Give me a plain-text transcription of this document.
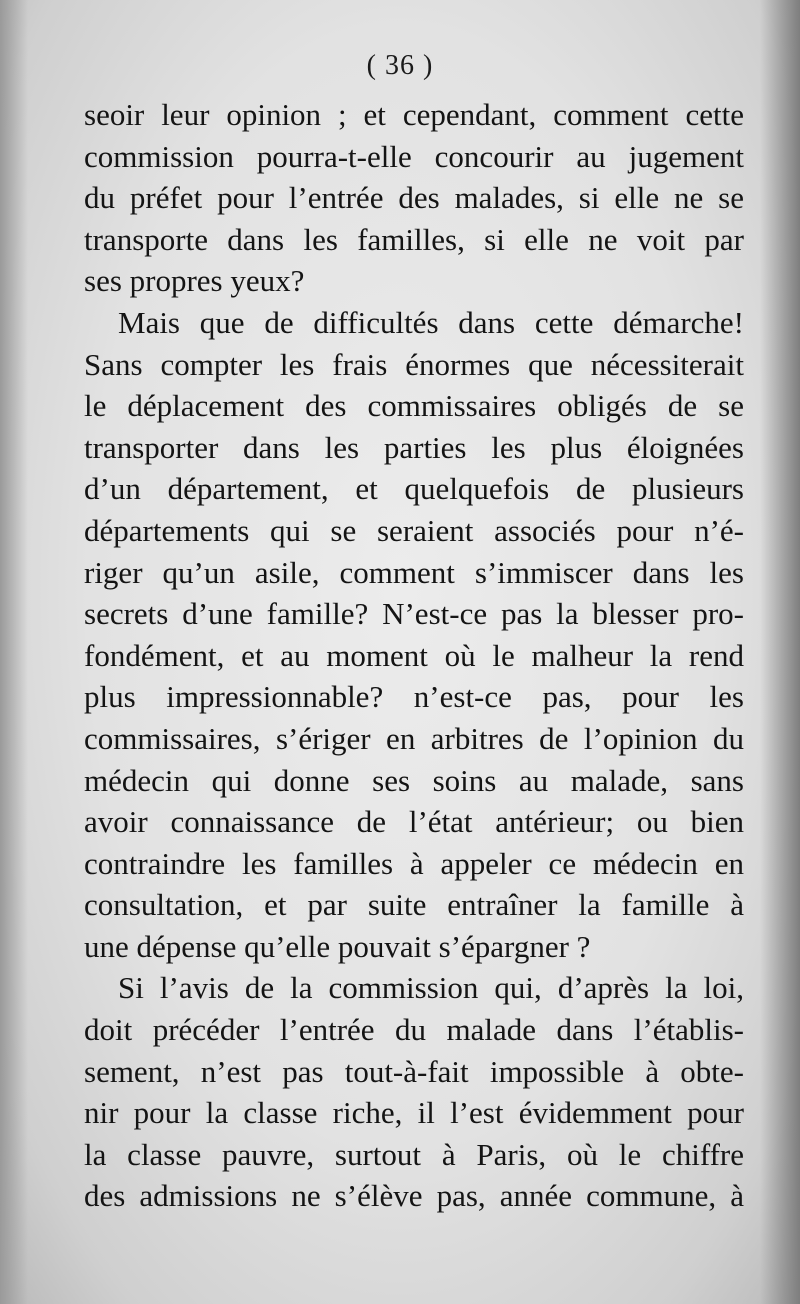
( 36 )
seoir leur opinion ; et cependant, comment cette
commission pourra-t-elle concourir au jugement
du préfet pour l’entrée des malades, si elle ne se
transporte dans les familles, si elle ne voit par
ses propres yeux?
Mais que de difficultés dans cette démarche!
Sans compter les frais énormes que nécessiterait
le déplacement des commissaires obligés de se
transporter dans les parties les plus éloignées
d’un département, et quelquefois de plusieurs
départements qui se seraient associés pour n’é-
riger qu’un asile, comment s’immiscer dans les
secrets d’une famille? N’est-ce pas la blesser pro-
fondément, et au moment où le malheur la rend
plus impressionnable? n’est-ce pas, pour les
commissaires, s’ériger en arbitres de l’opinion du
médecin qui donne ses soins au malade, sans
avoir connaissance de l’état antérieur; ou bien
contraindre les familles à appeler ce médecin en
consultation, et par suite entraîner la famille à
une dépense qu’elle pouvait s’épargner ?
Si l’avis de la commission qui, d’après la loi,
doit précéder l’entrée du malade dans l’établis-
sement, n’est pas tout-à-fait impossible à obte-
nir pour la classe riche, il l’est évidemment pour
la classe pauvre, surtout à Paris, où le chiffre
des admissions ne s’élève pas, année commune, à
